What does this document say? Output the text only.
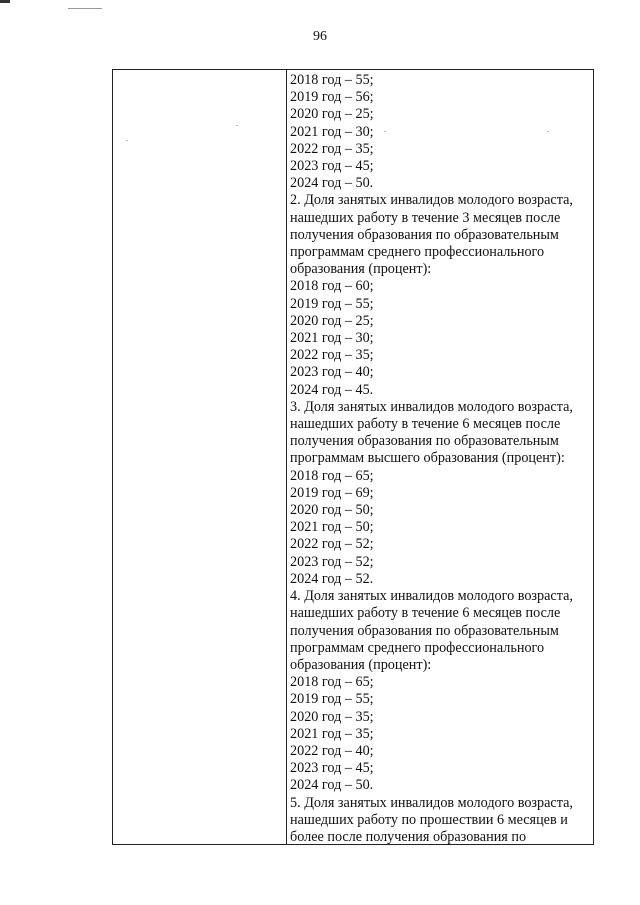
96
2018 год – 55;
2019 год – 56;
2020 год – 25;
2021 год – 30;
2022 год – 35;
2023 год – 45;
2024 год – 50.
2. Доля занятых инвалидов молодого возраста,
нашедших работу в течение 3 месяцев после
получения образования по образовательным
программам среднего профессионального
образования (процент):
2018 год – 60;
2019 год – 55;
2020 год – 25;
2021 год – 30;
2022 год – 35;
2023 год – 40;
2024 год – 45.
3. Доля занятых инвалидов молодого возраста,
нашедших работу в течение 6 месяцев после
получения образования по образовательным
программам высшего образования (процент):
2018 год – 65;
2019 год – 69;
2020 год – 50;
2021 год – 50;
2022 год – 52;
2023 год – 52;
2024 год – 52.
4. Доля занятых инвалидов молодого возраста,
нашедших работу в течение 6 месяцев после
получения образования по образовательным
программам среднего профессионального
образования (процент):
2018 год – 65;
2019 год – 55;
2020 год – 35;
2021 год – 35;
2022 год – 40;
2023 год – 45;
2024 год – 50.
5. Доля занятых инвалидов молодого возраста,
нашедших работу по прошествии 6 месяцев и
более после получения образования по
